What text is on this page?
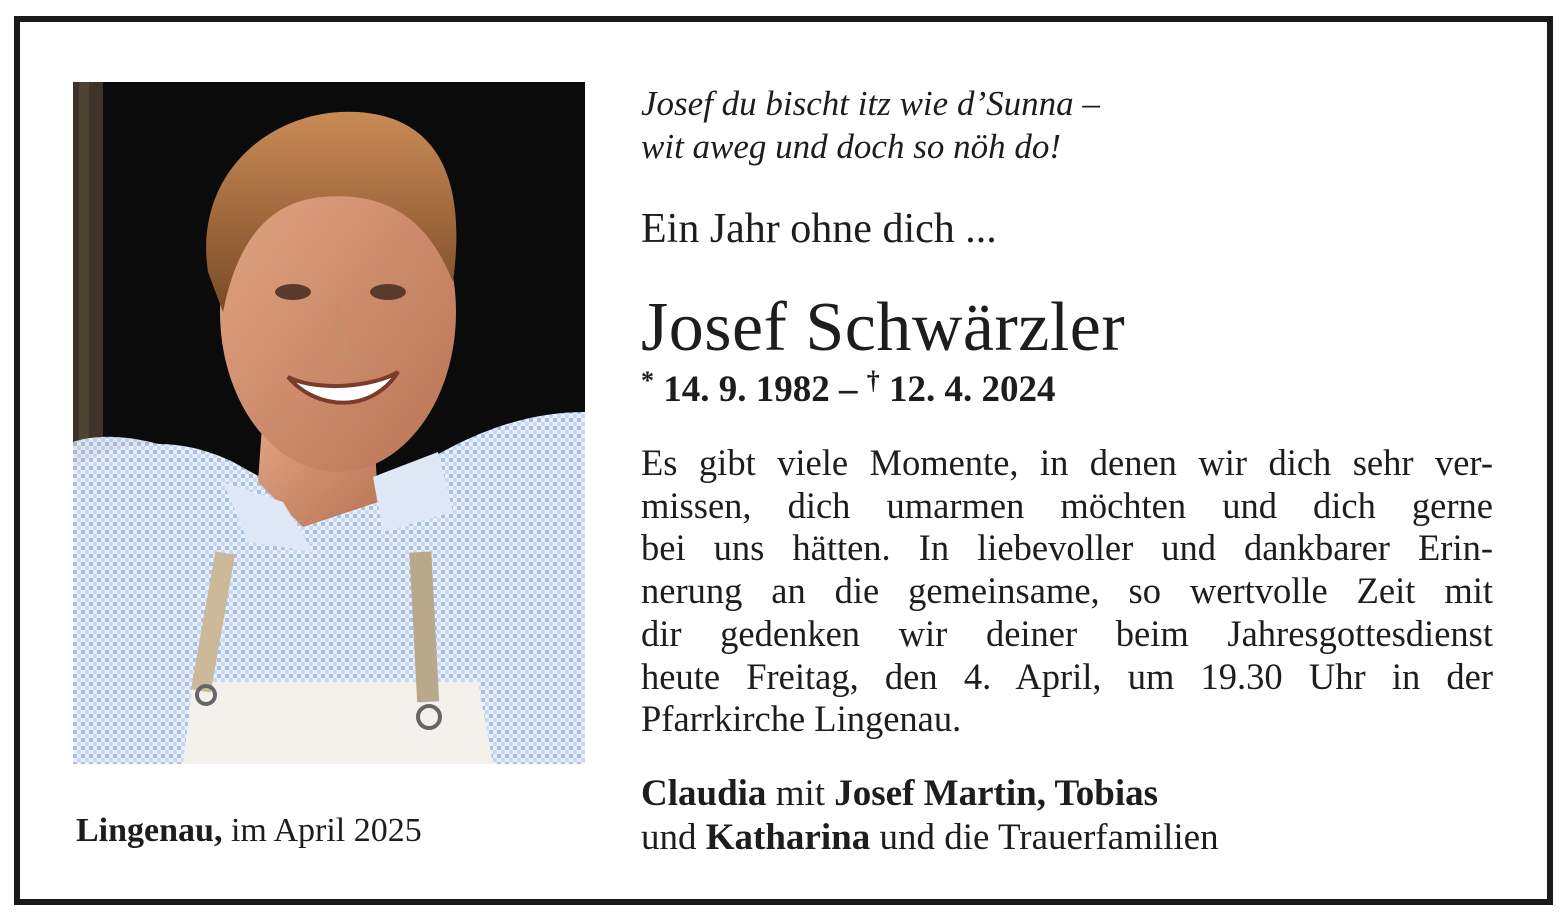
Lingenau, im April 2025
Josef du bischt itz wie d’Sunna –
wit aweg und doch so nöh do!
Ein Jahr ohne dich ...
Josef Schwärzler
* 14. 9. 1982 – † 12. 4. 2024
Es gibt viele Momente, in denen wir dich sehr ver-
missen, dich umarmen möchten und dich gerne
bei uns hätten. In liebevoller und dankbarer Erin-
nerung an die gemeinsame, so wertvolle Zeit mit
dir gedenken wir deiner beim Jahresgottesdienst
heute Freitag, den 4. April, um 19.30 Uhr in der
Pfarrkirche Lingenau.
Claudia mit Josef Martin, Tobias
und Katharina und die Trauerfamilien
